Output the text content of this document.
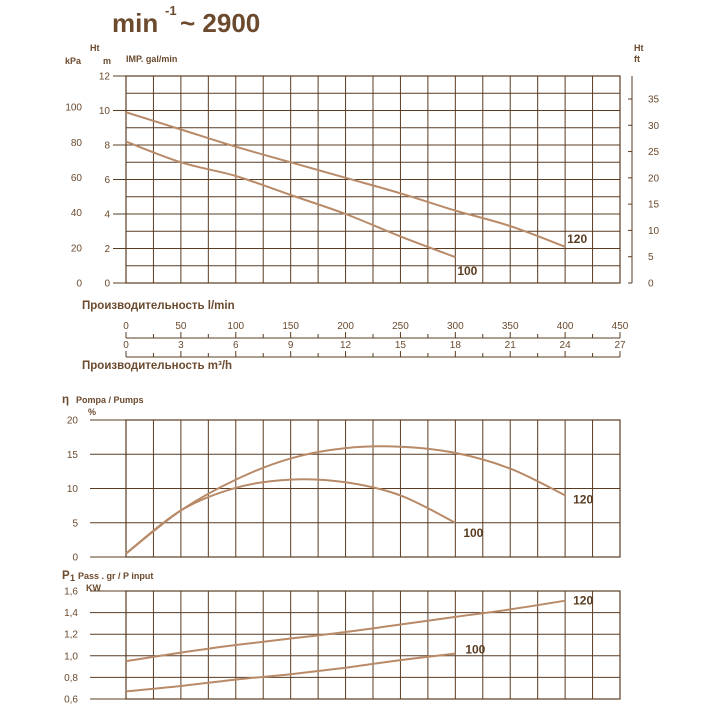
min -1 ~ 2900
Ht
kPa m IMP. gal/min
Ht
ft
0
2
4
6
8
10
12
0
20
40
60
80
100
0
5
10
15
20
25
30
35
120
100
Производительность l/min
0	50	100	150	200	250	300	350	400	450
Производительность m³/h
0	3	6	9	12	15	18	21	24	27
η Pompa / Pumps
%
0
5
10
15
20
120
100
P 1 Pass . gr / P input
KW
1,6
1,4
1,2
1,0
0,8
0,6
120
100
